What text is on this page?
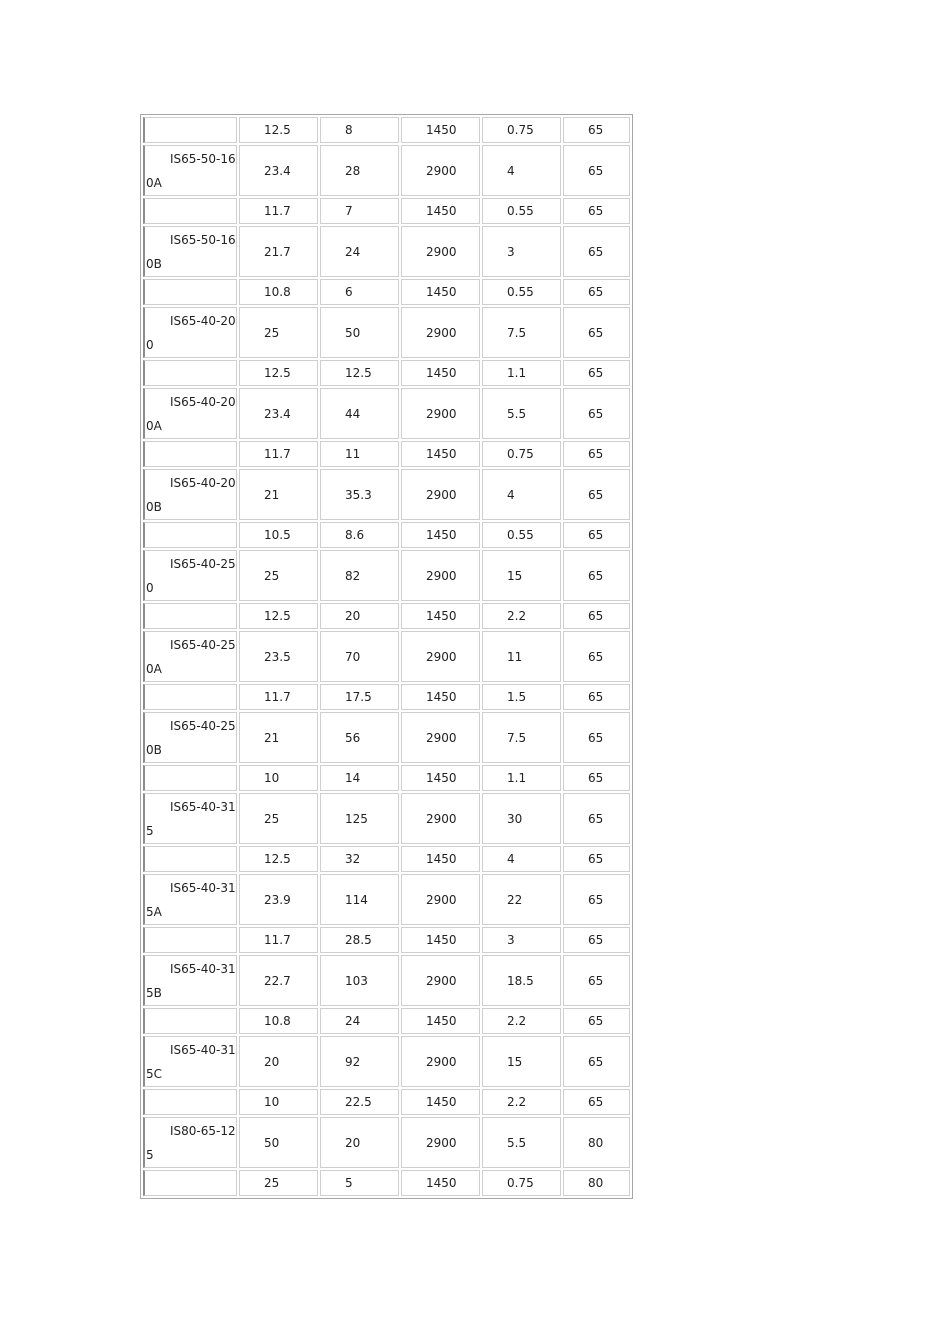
	12.5	8	1450	0.75	65

IS65-50-16
0A	23.4	28	2900	4	65
	11.7	7	1450	0.55	65

IS65-50-16
0B	21.7	24	2900	3	65
	10.8	6	1450	0.55	65

IS65-40-20
0	25	50	2900	7.5	65
	12.5	12.5	1450	1.1	65

IS65-40-20
0A	23.4	44	2900	5.5	65
	11.7	11	1450	0.75	65

IS65-40-20
0B	21	35.3	2900	4	65
	10.5	8.6	1450	0.55	65

IS65-40-25
0	25	82	2900	15	65
	12.5	20	1450	2.2	65

IS65-40-25
0A	23.5	70	2900	11	65
	11.7	17.5	1450	1.5	65

IS65-40-25
0B	21	56	2900	7.5	65
	10	14	1450	1.1	65

IS65-40-31
5	25	125	2900	30	65
	12.5	32	1450	4	65

IS65-40-31
5A	23.9	114	2900	22	65
	11.7	28.5	1450	3	65

IS65-40-31
5B	22.7	103	2900	18.5	65
	10.8	24	1450	2.2	65

IS65-40-31
5C	20	92	2900	15	65
	10	22.5	1450	2.2	65

IS80-65-12
5	50	20	2900	5.5	80
	25	5	1450	0.75	80
